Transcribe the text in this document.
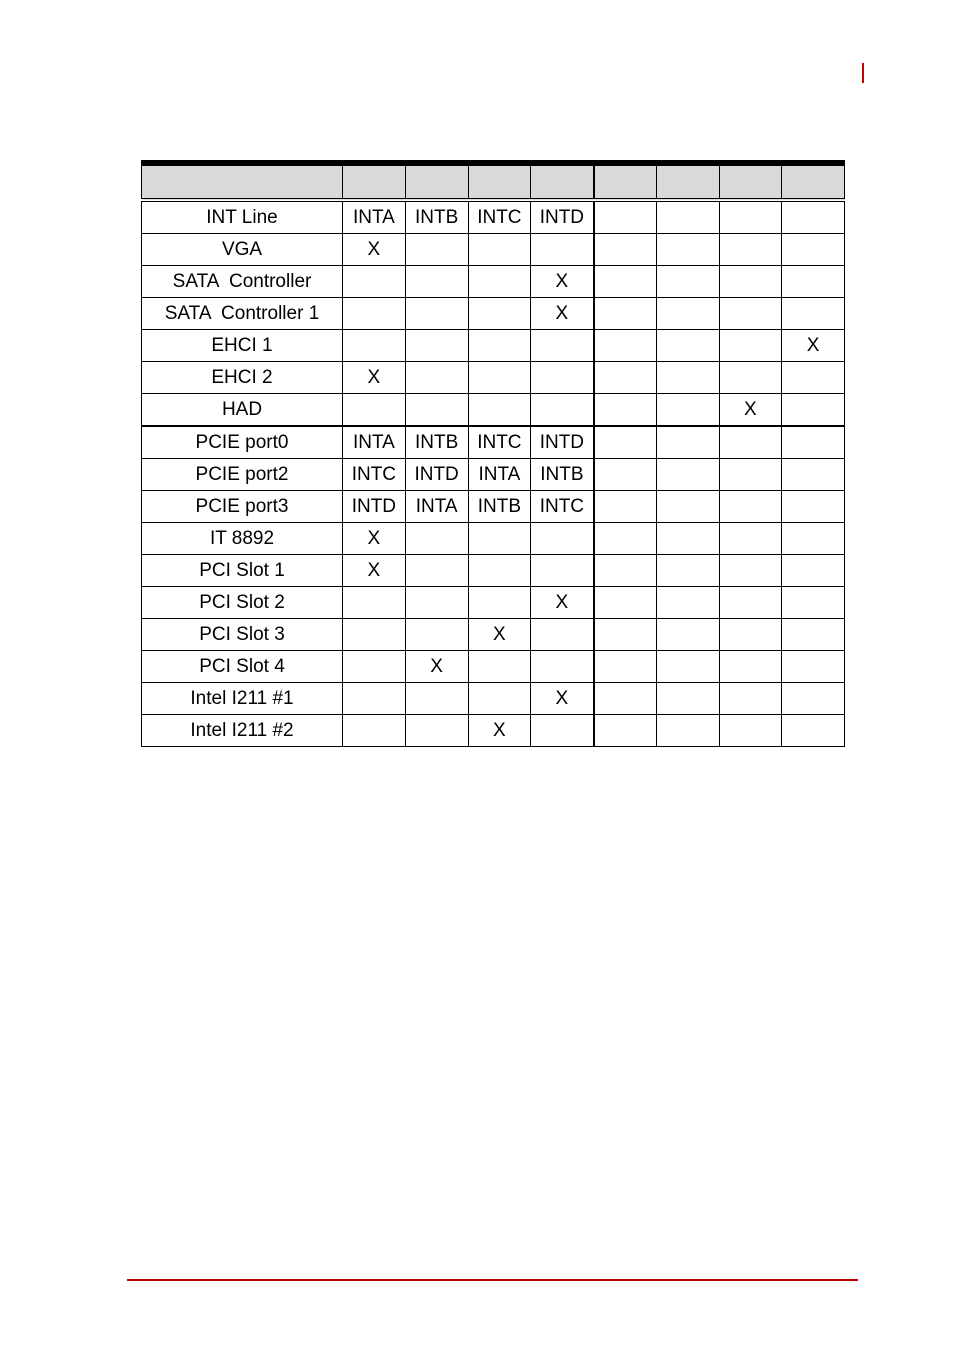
INT Line	INTA	INTB	INTC	INTD				
VGA	X							
SATA  Controller				X				
SATA  Controller 1				X				
EHCI 1								X
EHCI 2	X							
HAD							X	
PCIE port0	INTA	INTB	INTC	INTD				
PCIE port2	INTC	INTD	INTA	INTB				
PCIE port3	INTD	INTA	INTB	INTC				
IT 8892	X							
PCI Slot 1	X							
PCI Slot 2				X				
PCI Slot 3			X					
PCI Slot 4		X						
Intel I211 #1				X				
Intel I211 #2			X					
